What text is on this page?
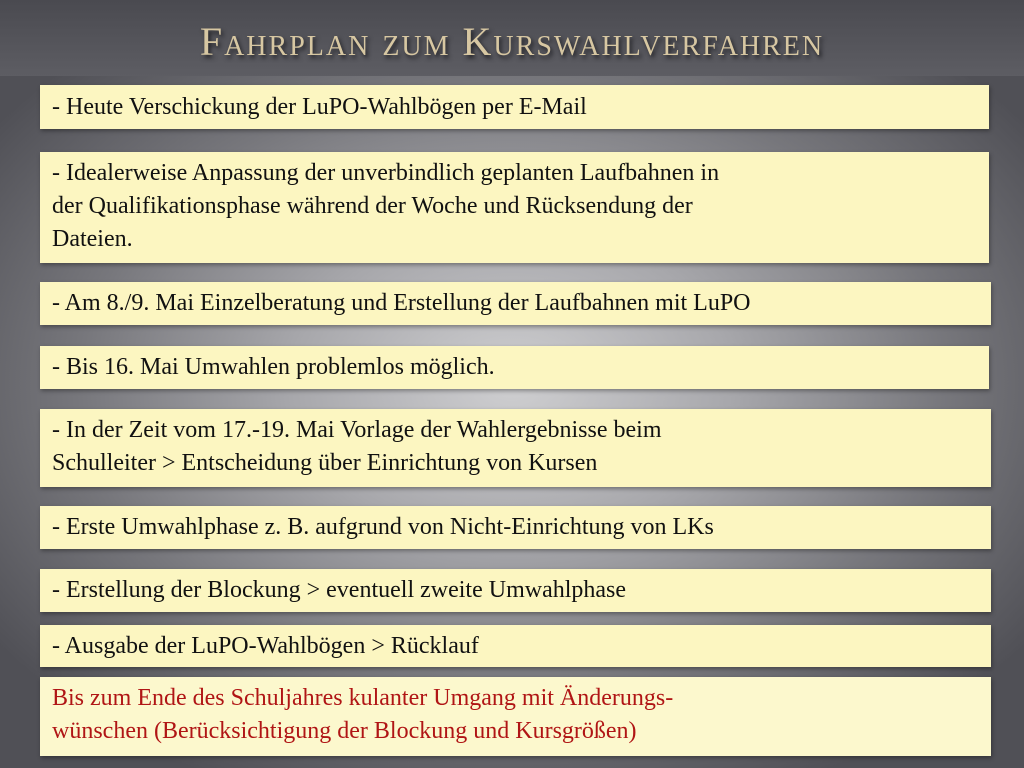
Fahrplan zum Kurswahlverfahren
- Heute Verschickung der LuPO-Wahlbögen per E-Mail
- Idealerweise Anpassung der unverbindlich geplanten Laufbahnen in
der Qualifikationsphase während der Woche und Rücksendung der
Dateien.
- Am 8./9. Mai Einzelberatung und Erstellung der Laufbahnen mit LuPO
- Bis 16. Mai Umwahlen problemlos möglich.
- In der Zeit vom 17.-19. Mai Vorlage der Wahlergebnisse beim
Schulleiter > Entscheidung über Einrichtung von Kursen
- Erste Umwahlphase z. B. aufgrund von Nicht-Einrichtung von LKs
- Erstellung der Blockung > eventuell zweite Umwahlphase
- Ausgabe der LuPO-Wahlbögen > Rücklauf
Bis zum Ende des Schuljahres kulanter Umgang mit Änderungs-
wünschen (Berücksichtigung der Blockung und Kursgrößen)
